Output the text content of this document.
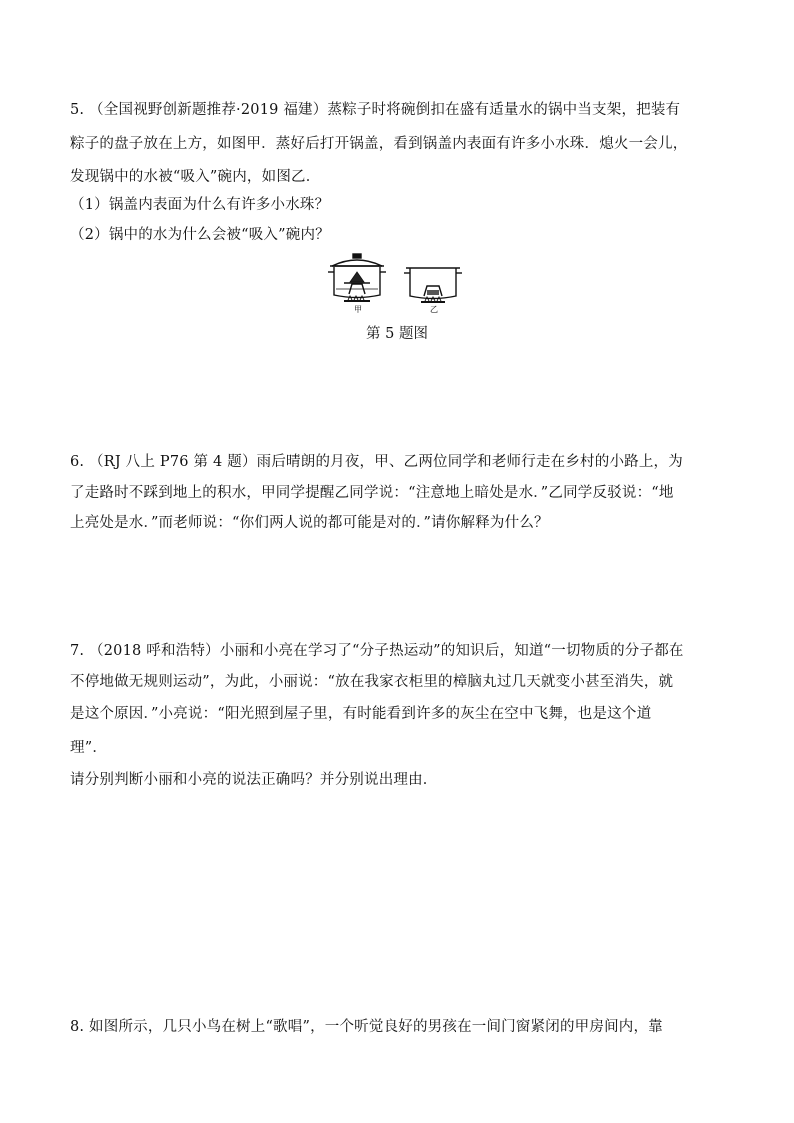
5. （全国视野创新题推荐·2019 福建）蒸粽子时将碗倒扣在盛有适量水的锅中当支架，把装有
粽子的盘子放在上方，如图甲．蒸好后打开锅盖，看到锅盖内表面有许多小水珠．熄火一会儿，
发现锅中的水被“吸入”碗内，如图乙．
（1）锅盖内表面为什么有许多小水珠？
（2）锅中的水为什么会被“吸入”碗内？
甲	乙
第 5 题图
6. （RJ 八上 P76 第 4 题）雨后晴朗的月夜，甲、乙两位同学和老师行走在乡村的小路上，为
了走路时不踩到地上的积水，甲同学提醒乙同学说：“注意地上暗处是水．”乙同学反驳说：“地
上亮处是水．”而老师说：“你们两人说的都可能是对的．”请你解释为什么？
7. （2018 呼和浩特）小丽和小亮在学习了“分子热运动”的知识后，知道“一切物质的分子都在
不停地做无规则运动”，为此，小丽说：“放在我家衣柜里的樟脑丸过几天就变小甚至消失，就
是这个原因．”小亮说：“阳光照到屋子里，有时能看到许多的灰尘在空中飞舞，也是这个道
理”．
请分别判断小丽和小亮的说法正确吗？并分别说出理由．
8. 如图所示，几只小鸟在树上“歌唱”，一个听觉良好的男孩在一间门窗紧闭的甲房间内，靠
